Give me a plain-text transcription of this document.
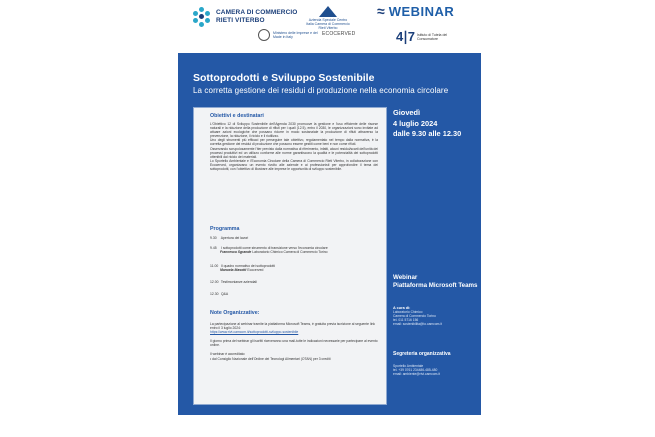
CAMERA DI COMMERCIO
RIETI VITERBO	Azienda Speciale Centro Italia Camera di Commercio Rieti Viterbo
≈ WEBINAR
Ministero delle Imprese e del Made in Italy	ECOCERVED	4∣7 Istituto di Tutela del Consumatore
Sottoprodotti e Sviluppo Sostenibile
La corretta gestione dei residui di produzione nella economia circolare
Obiettivi e destinatari

L'Obiettivo 12 di Sviluppo Sostenibile dell'Agenda 2030 promuove la gestione e l'uso efficiente delle risorse naturali e la riduzione della produzione di rifiuti per i quali (12.5), entro il 2030, le organizzazioni sono invitate ad attuare azioni ecologiche che possano ridurre in modo sostanziale la produzione di rifiuti attraverso la prevenzione, la riduzione, il riciclo e il riutilizzo.

Uno degli strumenti più efficaci per perseguire tale obiettivo, regolamentato nel tempo dalla normativa, è la corretta gestione dei residui di produzione che possono essere gestiti come beni e non come rifiuti.

Osservando scrupolosamente l'iter previsto dalla normativa di riferimento, infatti, alcuni residui/scarti dell'unità dei processi produttivi ed un utilizzo conforme alle norme garantiscono la qualità e le potenzialità dei sottoprodotti ottenibili dal riciclo dei materiali.

Lo Sportello Ambientale e l'Economia Circolare della Camera di Commercio Rieti Viterbo, in collaborazione con Ecocerved, organizzano un evento rivolto alle aziende e ai professionisti per approfondire il tema dei sottoprodotti, con l'obiettivo di illustrare alle imprese le opportunità di sviluppo sostenibile.

Programma
9.30 Apertura dei lavori
9.45 I sottoprodotti come strumento di transizione verso l'economia circolare
Francesca Sgrande Laboratorio Chimico Camera di Commercio Torino
11.00 Il quadro normativo dei sottoprodotti
Manuela Masotti Ecocerved
12.00 Testimonianze aziendali
12.30 Q&A
Note Organizzative:

La partecipazione al webinar tramite la piattaforma Microsoft Teams, è gratuita previa iscrizione al seguente link entro il 3 luglio 2024:
https://www.rivt.camcom.it/sottoprodotti-sviluppo-sostenibile

Il giorno prima del webinar gli iscritti riceveranno una mail-tutte le indicazioni necessarie per partecipare al evento online.

Il webinar è accreditato:
• dal Consiglio Nazionale dell'Ordine dei Tecnologi Alimentari (OTAN) per 3 crediti

Giovedì
4 luglio 2024
dalle 9.30 alle 12.30
Webinar
Piattaforma Microsoft Teams
A cura di:
Laboratorio Chimico
Camera di Commercio Torino
tel. 011 5716 156
email: sostenibilita@to.camcom.it
Segreteria organizzativa
Sportello Ambientale
tel. +39 0761 234486-485-480
email: ambiente@rivt.camcom.it
